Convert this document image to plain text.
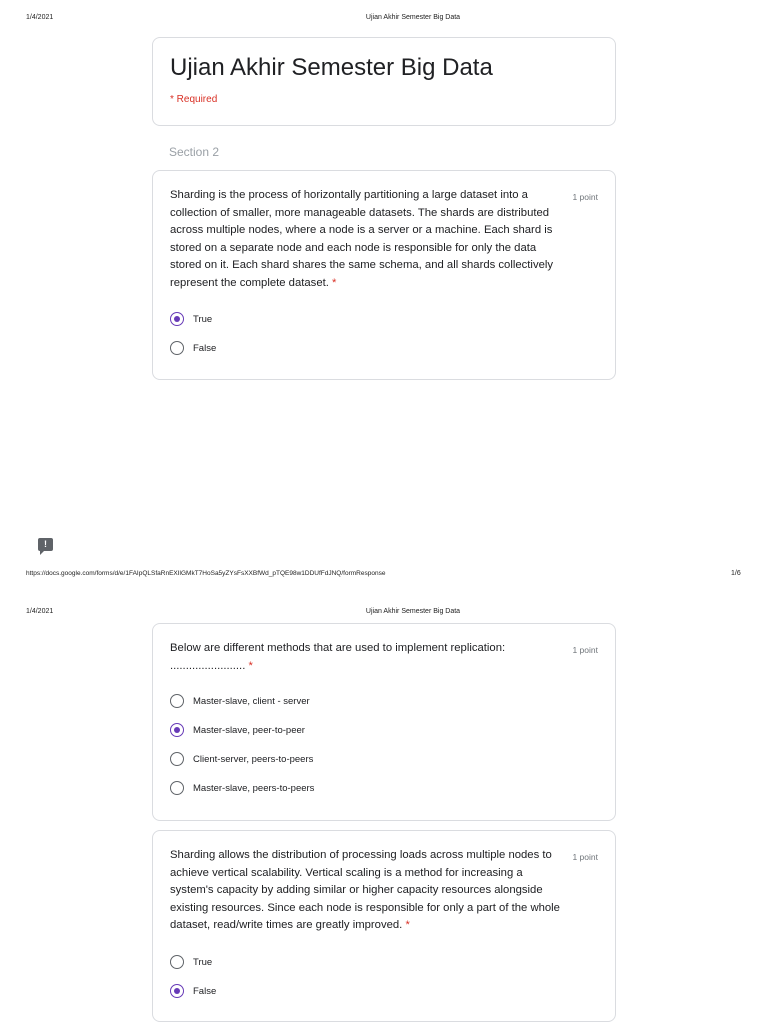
1/4/2021	Ujian Akhir Semester Big Data
Ujian Akhir Semester Big Data
* Required
Section 2
Sharding is the process of horizontally partitioning a large dataset into a collection of smaller, more manageable datasets. The shards are distributed across multiple nodes, where a node is a server or a machine. Each shard is stored on a separate node and each node is responsible for only the data stored on it. Each shard shares the same schema, and all shards collectively represent the complete dataset. *
1 point
True
False
!
https://docs.google.com/forms/d/e/1FAIpQLSfaRnEXIlGMkT7HoSa5yZYsFsXXBfWd_pTQE98w1DDUfFdJNQ/formResponse	1/6
1/4/2021	Ujian Akhir Semester Big Data
Below are different methods that are used to implement replication: ........................ *
1 point
Master-slave, client - server
Master-slave, peer-to-peer
Client-server, peers-to-peers
Master-slave, peers-to-peers
Sharding allows the distribution of processing loads across multiple nodes to achieve vertical scalability. Vertical scaling is a method for increasing a system's capacity by adding similar or higher capacity resources alongside existing resources. Since each node is responsible for only a part of the whole dataset, read/write times are greatly improved. *
1 point
True
False
